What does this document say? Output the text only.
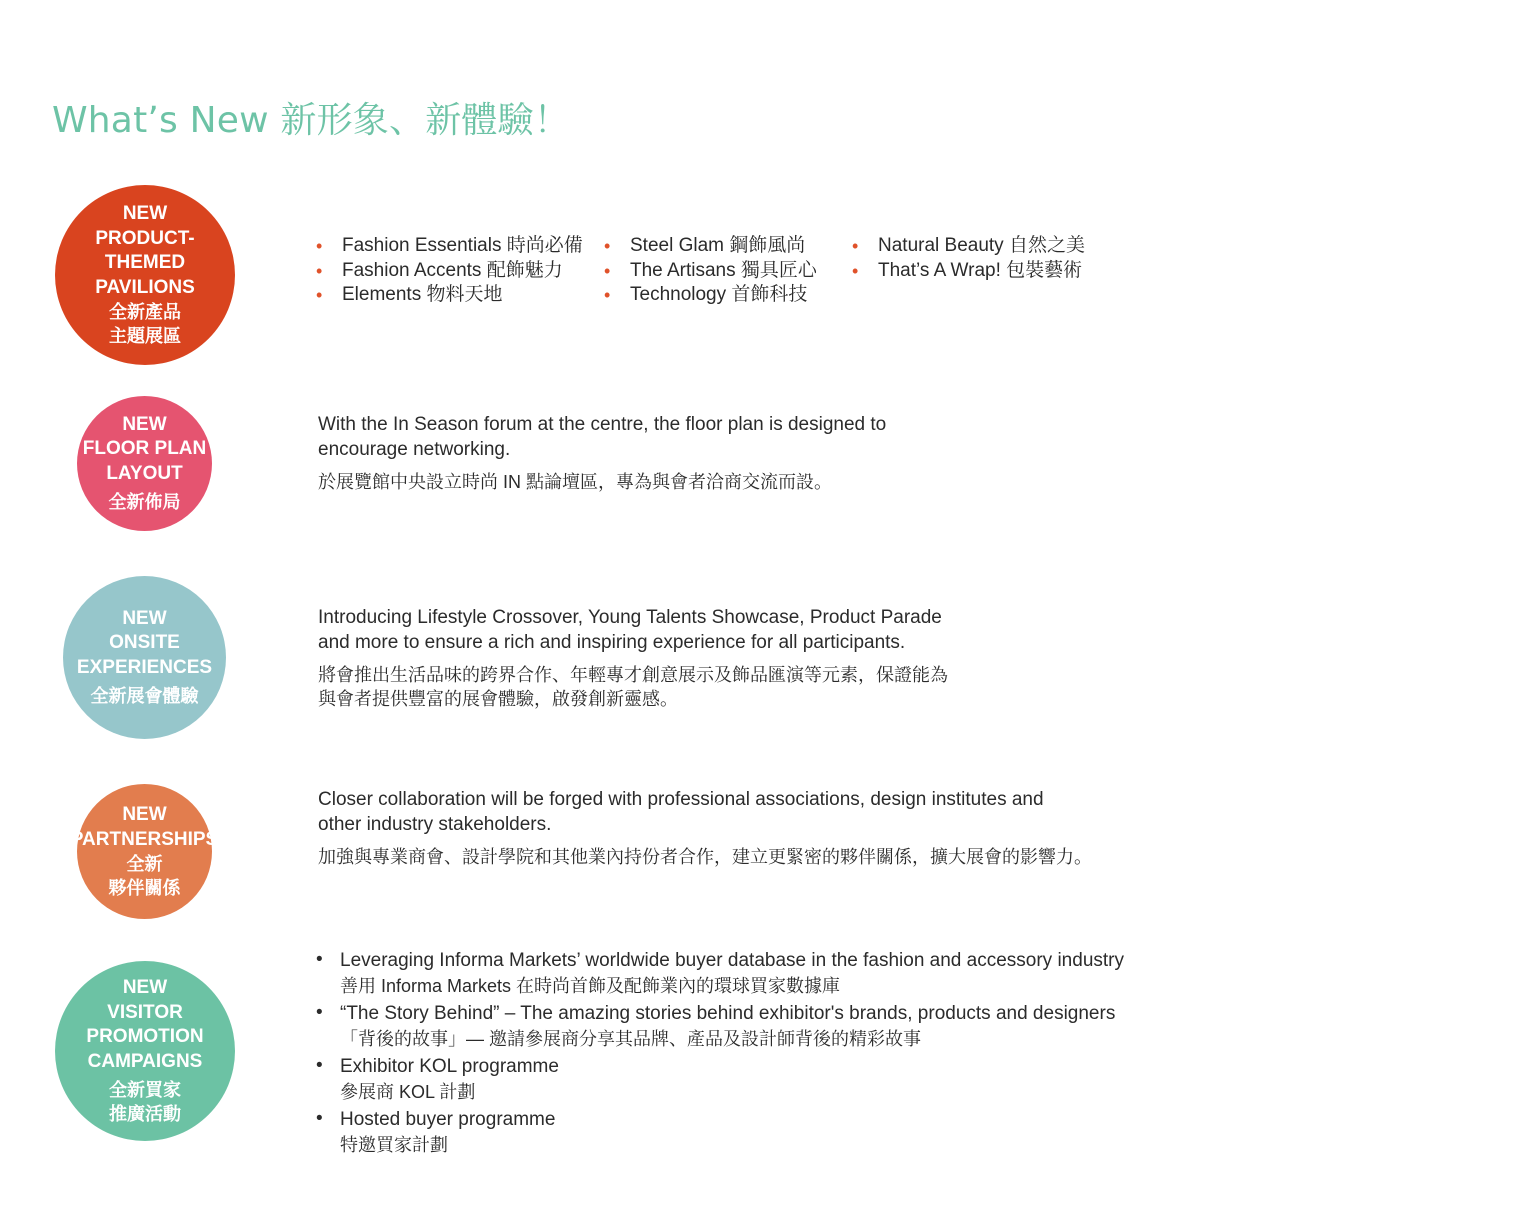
What’s New 新形象、新體驗！
NEW
PRODUCT-
THEMED
PAVILIONS
全新產品
主題展區
• Fashion Essentials 時尚必備
• Fashion Accents 配飾魅力
• Elements 物料天地
• Steel Glam 鋼飾風尚
• The Artisans 獨具匠心
• Technology 首飾科技
• Natural Beauty 自然之美
• That’s A Wrap! 包裝藝術
NEW
FLOOR PLAN
LAYOUT
全新佈局
With the In Season forum at the centre, the floor plan is designed to
encourage networking.
於展覽館中央設立時尚 IN 點論壇區，專為與會者洽商交流而設。
NEW
ONSITE
EXPERIENCES
全新展會體驗
Introducing Lifestyle Crossover, Young Talents Showcase, Product Parade
and more to ensure a rich and inspiring experience for all participants.
將會推出生活品味的跨界合作、年輕專才創意展示及飾品匯演等元素，保證能為
與會者提供豐富的展會體驗，啟發創新靈感。
NEW
PARTNERSHIPS
全新
夥伴關係
Closer collaboration will be forged with professional associations, design institutes and
other industry stakeholders.
加強與專業商會、設計學院和其他業內持份者合作，建立更緊密的夥伴關係，擴大展會的影響力。
NEW
VISITOR
PROMOTION
CAMPAIGNS
全新買家
推廣活動
• Leveraging Informa Markets’ worldwide buyer database in the fashion and accessory industry
善用 Informa Markets 在時尚首飾及配飾業內的環球買家數據庫
• “The Story Behind” – The amazing stories behind exhibitor's brands, products and designers
「背後的故事」— 邀請參展商分享其品牌、產品及設計師背後的精彩故事
• Exhibitor KOL programme
參展商 KOL 計劃
• Hosted buyer programme
特邀買家計劃
